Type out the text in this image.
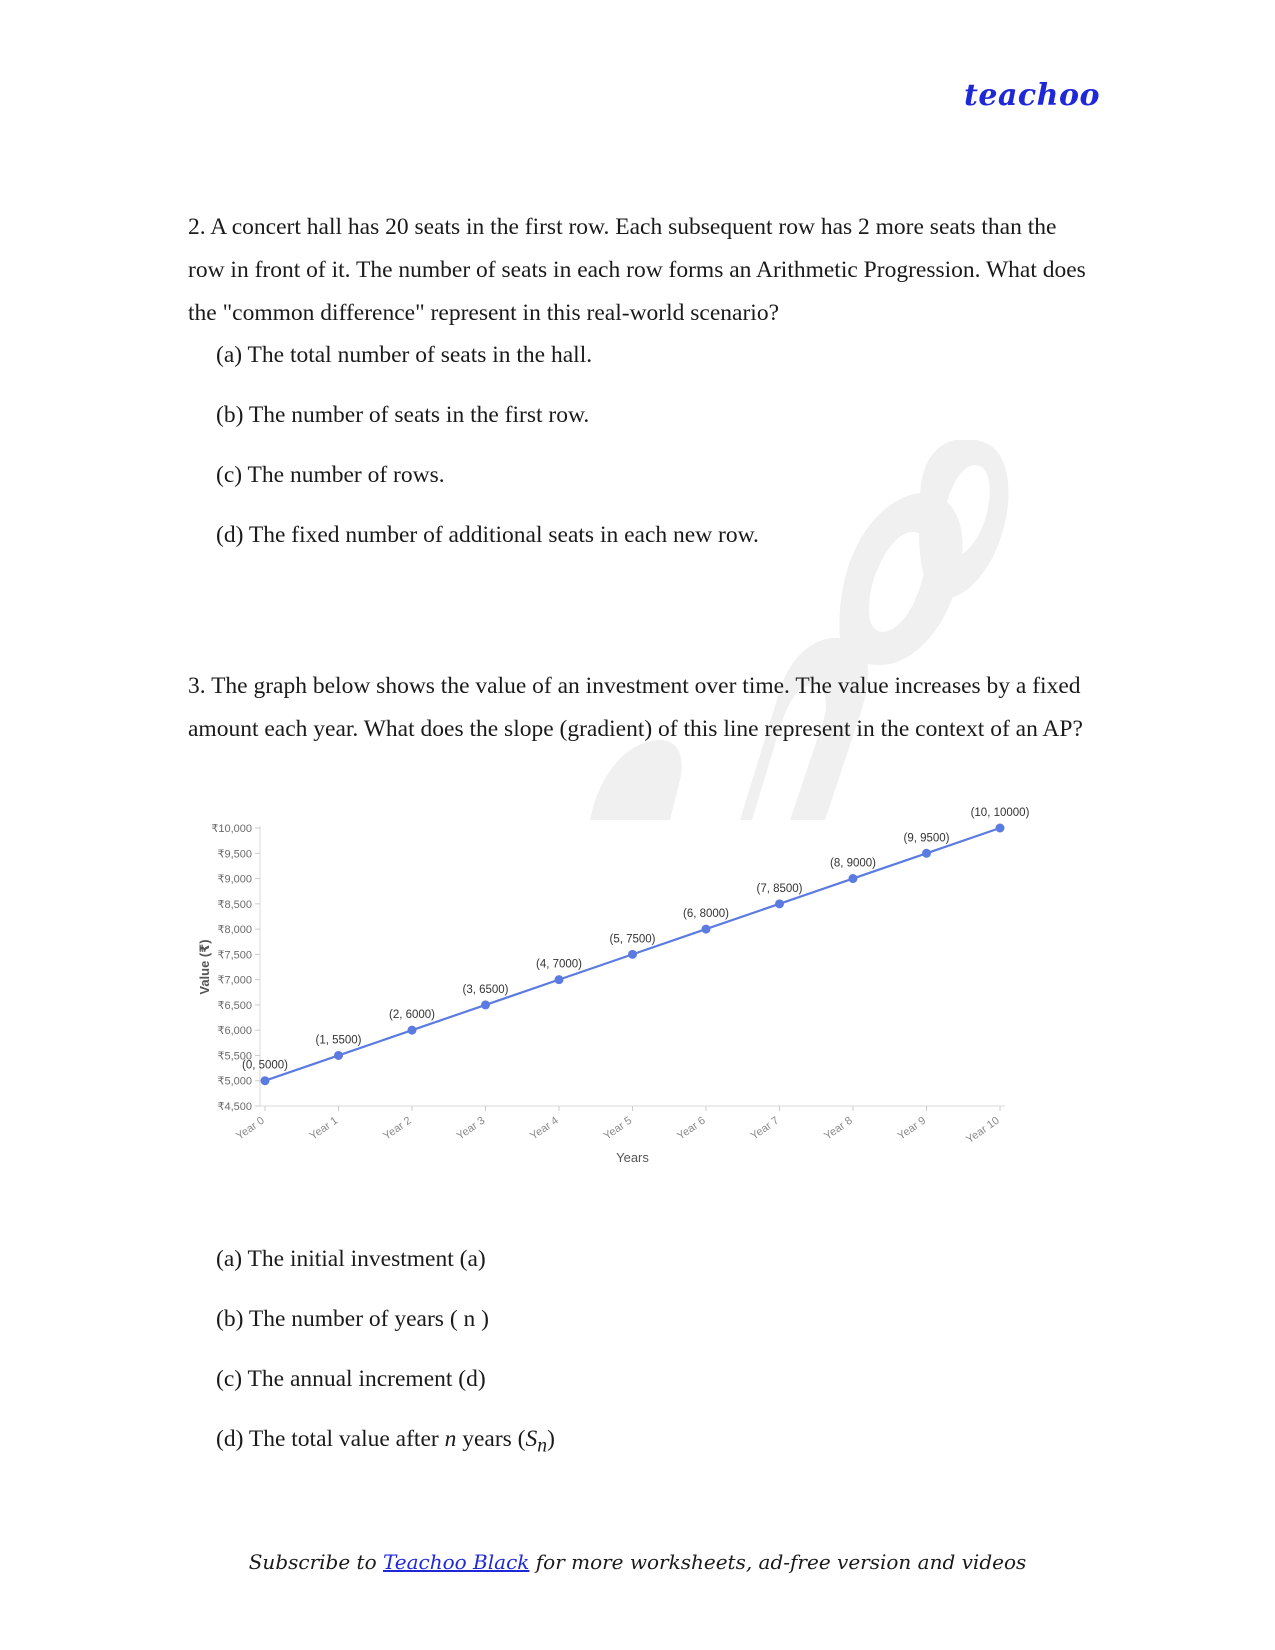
teachoo
2. A concert hall has 20 seats in the first row. Each subsequent row has 2 more seats than the row in front of it. The number of seats in each row forms an Arithmetic Progression. What does the "common difference" represent in this real-world scenario?
(a) The total number of seats in the hall.
(b) The number of seats in the first row.
(c) The number of rows.
(d) The fixed number of additional seats in each new row.
3. The graph below shows the value of an investment over time. The value increases by a fixed amount each year. What does the slope (gradient) of this line represent in the context of an AP?
₹4,500
₹5,000
₹5,500
₹6,000
₹6,500
₹7,000
₹7,500
₹8,000
₹8,500
₹9,000
₹9,500
₹10,000
Year 0	Year 1	Year 2	Year 3	Year 4	Year 5	Year 6	Year 7	Year 8	Year 9	Year 10
Years
Value (₹)
(0, 5000)
(1, 5500)
(2, 6000)
(3, 6500)
(4, 7000)
(5, 7500)
(6, 8000)
(7, 8500)
(8, 9000)
(9, 9500)
(10, 10000)
(a) The initial investment (a)
(b) The number of years ( n )
(c) The annual increment (d)
(d) The total value after n years $(S_n)$
Subscribe to Teachoo Black for more worksheets, ad-free version and videos
